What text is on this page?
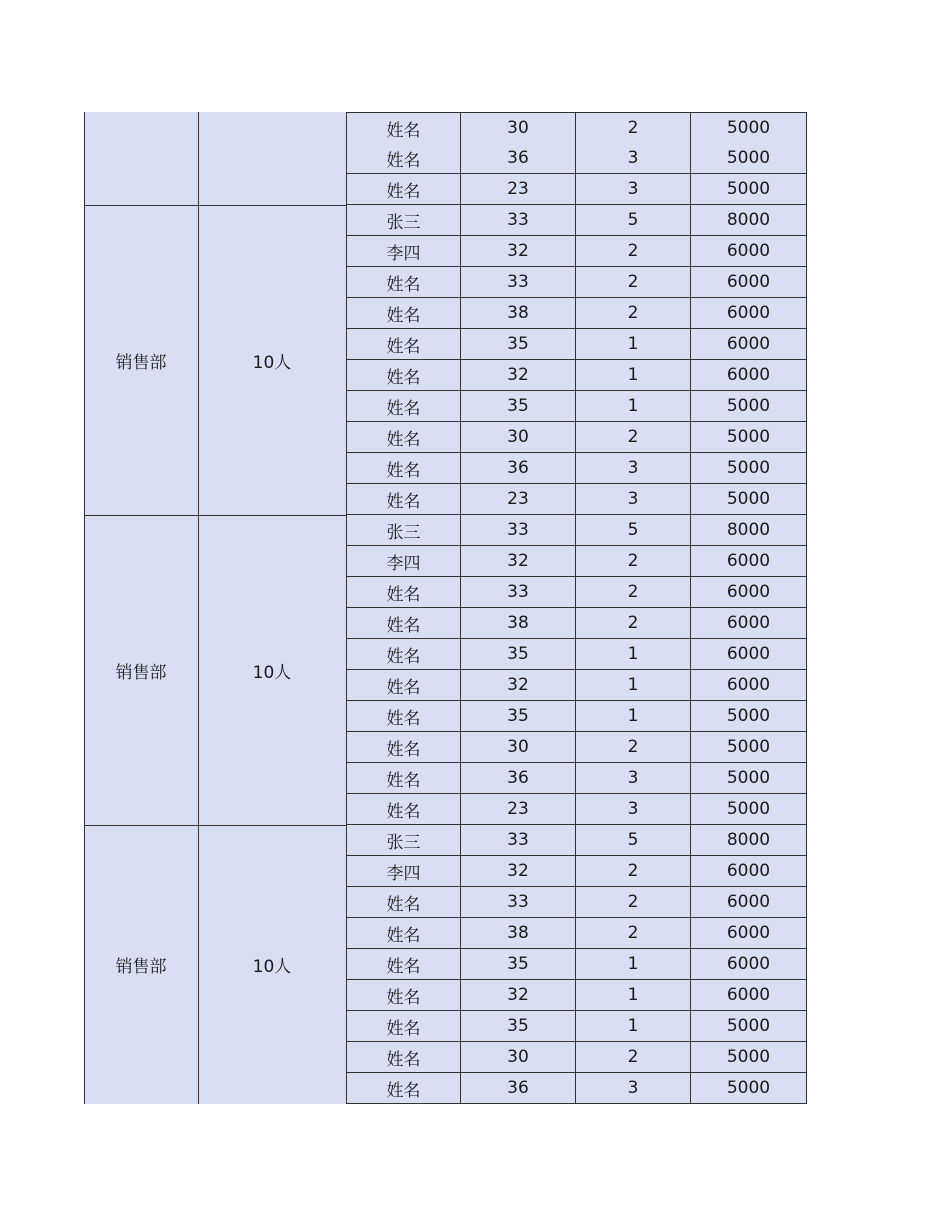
姓名	30	2	5000
姓名	36	3	5000
姓名	23	3	5000
销售部	10人
张三	33	5	8000
李四	32	2	6000
姓名	33	2	6000
姓名	38	2	6000
姓名	35	1	6000
姓名	32	1	6000
姓名	35	1	5000
姓名	30	2	5000
姓名	36	3	5000
姓名	23	3	5000
销售部	10人
张三	33	5	8000
李四	32	2	6000
姓名	33	2	6000
姓名	38	2	6000
姓名	35	1	6000
姓名	32	1	6000
姓名	35	1	5000
姓名	30	2	5000
姓名	36	3	5000
姓名	23	3	5000
销售部	10人
张三	33	5	8000
李四	32	2	6000
姓名	33	2	6000
姓名	38	2	6000
姓名	35	1	6000
姓名	32	1	6000
姓名	35	1	5000
姓名	30	2	5000
姓名	36	3	5000
